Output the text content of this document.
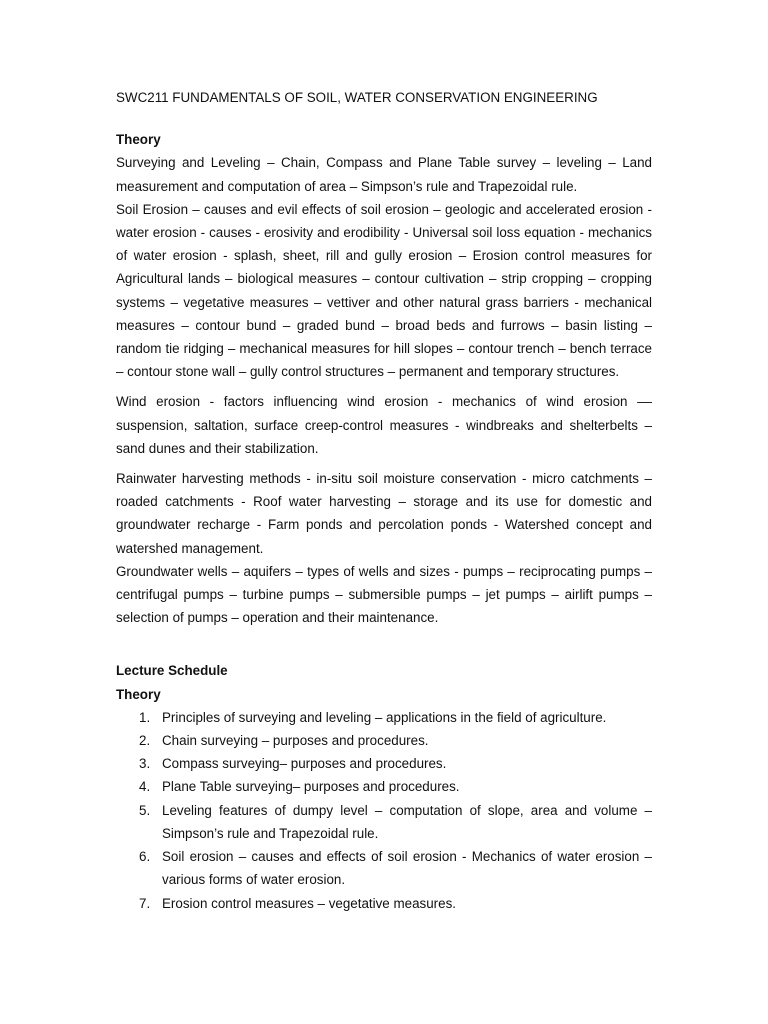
SWC211 FUNDAMENTALS OF SOIL, WATER CONSERVATION ENGINEERING
Theory

Surveying and Leveling – Chain, Compass and Plane Table survey – leveling – Land measurement and computation of area – Simpson’s rule and Trapezoidal rule.

Soil Erosion – causes and evil effects of soil erosion – geologic and accelerated erosion - water erosion - causes - erosivity and erodibility - Universal soil loss equation - mechanics of water erosion - splash, sheet, rill and gully erosion – Erosion control measures for Agricultural lands – biological measures – contour cultivation – strip cropping – cropping systems – vegetative measures – vettiver and other natural grass barriers - mechanical measures – contour bund – graded bund – broad beds and furrows – basin listing – random tie ridging – mechanical measures for hill slopes – contour trench – bench terrace – contour stone wall – gully control structures – permanent and temporary structures.

Wind erosion - factors influencing wind erosion - mechanics of wind erosion –– suspension, saltation, surface creep-control measures - windbreaks and shelterbelts – sand dunes and their stabilization.

Rainwater harvesting methods - in-situ soil moisture conservation - micro catchments – roaded catchments - Roof water harvesting – storage and its use for domestic and groundwater recharge - Farm ponds and percolation ponds - Watershed concept and watershed management.

Groundwater wells – aquifers – types of wells and sizes - pumps – reciprocating pumps – centrifugal pumps – turbine pumps – submersible pumps – jet pumps – airlift pumps – selection of pumps – operation and their maintenance.

Lecture Schedule
Theory
1. Principles of surveying and leveling – applications in the field of agriculture.
2. Chain surveying – purposes and procedures.
3. Compass surveying– purposes and procedures.
4. Plane Table surveying– purposes and procedures.
5. Leveling features of dumpy level – computation of slope, area and volume – Simpson’s rule and Trapezoidal rule.
6. Soil erosion – causes and effects of soil erosion - Mechanics of water erosion – various forms of water erosion.
7. Erosion control measures – vegetative measures.
